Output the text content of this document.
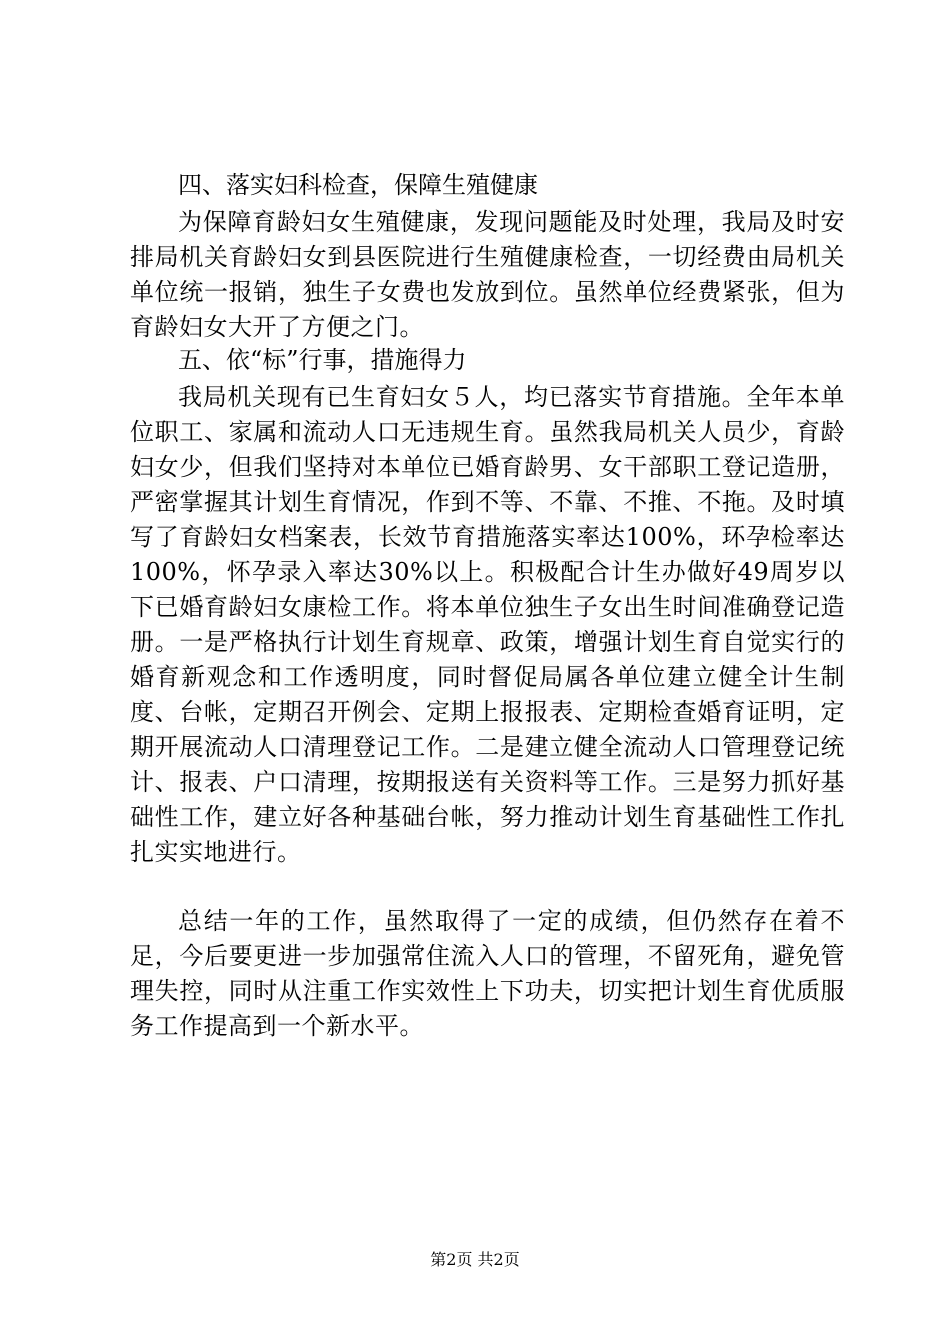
四、落实妇科检查，保障生殖健康

为保障育龄妇女生殖健康，发现问题能及时处理，我局及时安排局机关育龄妇女到县医院进行生殖健康检查，一切经费由局机关单位统一报销，独生子女费也发放到位。虽然单位经费紧张，但为育龄妇女大开了方便之门。

五、依“标”行事，措施得力

我局机关现有已生育妇女５人，均已落实节育措施。全年本单位职工、家属和流动人口无违规生育。虽然我局机关人员少，育龄妇女少，但我们坚持对本单位已婚育龄男、女干部职工登记造册，严密掌握其计划生育情况，作到不等、不靠、不推、不拖。及时填写了育龄妇女档案表，长效节育措施落实率达100%，环孕检率达100%，怀孕录入率达30%以上。积极配合计生办做好49周岁以下已婚育龄妇女康检工作。将本单位独生子女出生时间准确登记造册。一是严格执行计划生育规章、政策，增强计划生育自觉实行的婚育新观念和工作透明度，同时督促局属各单位建立健全计生制度、台帐，定期召开例会、定期上报报表、定期检查婚育证明，定期开展流动人口清理登记工作。二是建立健全流动人口管理登记统计、报表、户口清理，按期报送有关资料等工作。三是努力抓好基础性工作，建立好各种基础台帐，努力推动计划生育基础性工作扎扎实实地进行。

总结一年的工作，虽然取得了一定的成绩，但仍然存在着不足，今后要更进一步加强常住流入人口的管理，不留死角，避免管理失控，同时从注重工作实效性上下功夫，切实把计划生育优质服务工作提高到一个新水平。

第2页 共2页
